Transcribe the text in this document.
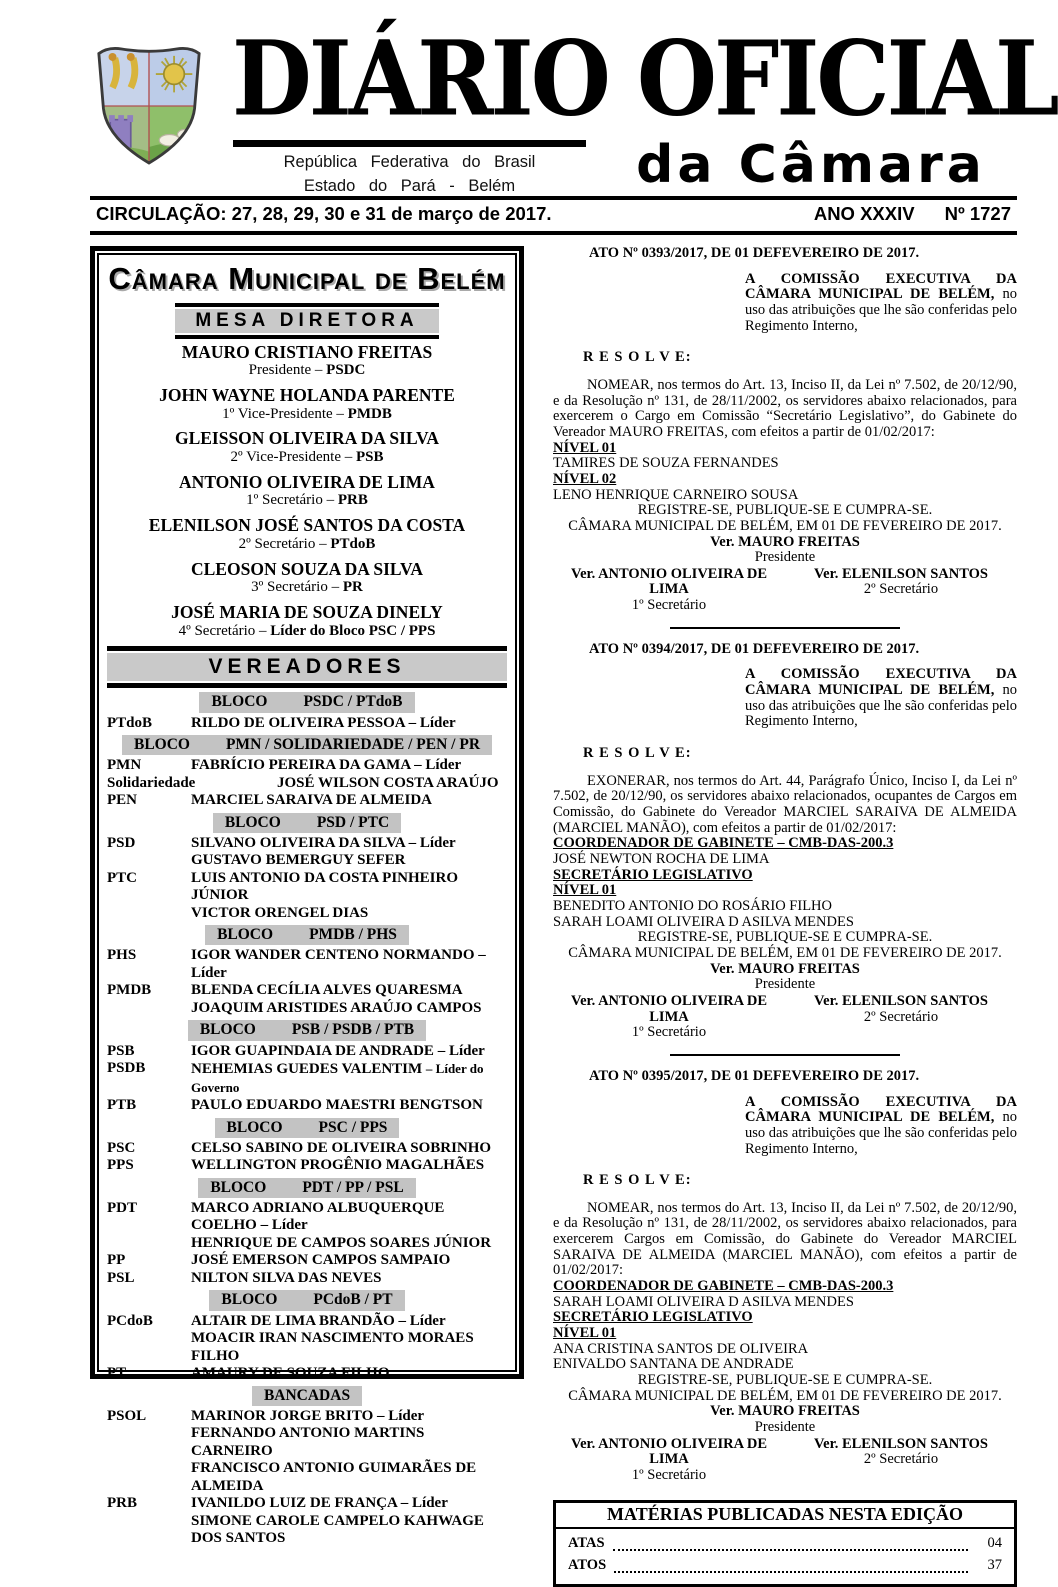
DIÁRIO OFICIAL
República Federativa do Brasil
Estado do Pará - Belém	da Câmara
CIRCULAÇÃO: 27, 28, 29, 30 e 31 de março de 2017.	ANO XXXIV Nº 1727
Câmara Municipal de Belém
MESA DIRETORA
MAURO CRISTIANO FREITAS
Presidente – PSDC
JOHN WAYNE HOLANDA PARENTE
1º Vice-Presidente – PMDB
GLEISSON OLIVEIRA DA SILVA
2º Vice-Presidente – PSB
ANTONIO OLIVEIRA DE LIMA
1º Secretário – PRB
ELENILSON JOSÉ SANTOS DA COSTA
2º Secretário – PTdoB
CLEOSON SOUZA DA SILVA
3º Secretário – PR
JOSÉ MARIA DE SOUZA DINELY
4º Secretário – Líder do Bloco PSC / PPS
VEREADORES
BLOCO PSDC / PTdoB
PTdoB	RILDO DE OLIVEIRA PESSOA – Líder
BLOCO PMN / SOLIDARIEDADE / PEN / PR
PMN	FABRÍCIO PEREIRA DA GAMA – Líder
Solidariedade	JOSÉ WILSON COSTA ARAÚJO
PEN	MARCIEL SARAIVA DE ALMEIDA
BLOCO PSD / PTC
PSD	SILVANO OLIVEIRA DA SILVA – Líder
GUSTAVO BEMERGUY SEFER
PTC	LUIS ANTONIO DA COSTA PINHEIRO JÚNIOR
VICTOR ORENGEL DIAS
BLOCO PMDB / PHS
PHS	IGOR WANDER CENTENO NORMANDO – Líder
PMDB	BLENDA CECÍLIA ALVES QUARESMA
JOAQUIM ARISTIDES ARAÚJO CAMPOS
BLOCO PSB / PSDB / PTB
PSB	IGOR GUAPINDAIA DE ANDRADE – Líder
PSDB	NEHEMIAS GUEDES VALENTIM – Líder do Governo
PTB	PAULO EDUARDO MAESTRI BENGTSON
BLOCO PSC / PPS
PSC	CELSO SABINO DE OLIVEIRA SOBRINHO
PPS	WELLINGTON PROGÊNIO MAGALHÃES
BLOCO PDT / PP / PSL
PDT	MARCO ADRIANO ALBUQUERQUE COELHO – Líder
HENRIQUE DE CAMPOS SOARES JÚNIOR
PP	JOSÉ EMERSON CAMPOS SAMPAIO
PSL	NILTON SILVA DAS NEVES
BLOCO PCdoB / PT
PCdoB	ALTAIR DE LIMA BRANDÃO – Líder
MOACIR IRAN NASCIMENTO MORAES FILHO
PT	AMAURY DE SOUZA FILHO
BANCADAS
PSOL	MARINOR JORGE BRITO – Líder
FERNANDO ANTONIO MARTINS CARNEIRO
FRANCISCO ANTONIO GUIMARÃES DE ALMEIDA
PRB	IVANILDO LUIZ DE FRANÇA – Líder
SIMONE CAROLE CAMPELO KAHWAGE DOS SANTOS
ATO Nº 0393/2017, DE 01 DEFEVEREIRO DE 2017.

A COMISSÃO EXECUTIVA DA CÂMARA MUNICIPAL DE BELÉM, no uso das atribuições que lhe são conferidas pelo Regimento Interno,

R E S O L V E:

NOMEAR, nos termos do Art. 13, Inciso II, da Lei nº 7.502, de 20/12/90, e da Resolução nº 131, de 28/11/2002, os servidores abaixo relacionados, para exercerem o Cargo em Comissão “Secretário Legislativo”, do Gabinete do Vereador MAURO FREITAS, com efeitos a partir de 01/02/2017:

NÍVEL 01
TAMIRES DE SOUZA FERNANDES
NÍVEL 02
LENO HENRIQUE CARNEIRO SOUSA
REGISTRE-SE, PUBLIQUE-SE E CUMPRA-SE.
CÂMARA MUNICIPAL DE BELÉM, EM 01 DE FEVEREIRO DE 2017.
Ver. MAURO FREITAS
Presidente
Ver. ANTONIO OLIVEIRA DE LIMA
1º Secretário
Ver. ELENILSON SANTOS
2º Secretário
ATO Nº 0394/2017, DE 01 DEFEVEREIRO DE 2017.

A COMISSÃO EXECUTIVA DA CÂMARA MUNICIPAL DE BELÉM, no uso das atribuições que lhe são conferidas pelo Regimento Interno,

R E S O L V E:

EXONERAR, nos termos do Art. 44, Parágrafo Único, Inciso I, da Lei nº 7.502, de 20/12/90, os servidores abaixo relacionados, ocupantes de Cargos em Comissão, do Gabinete do Vereador MARCIEL SARAIVA DE ALMEIDA (MARCIEL MANÃO), com efeitos a partir de 01/02/2017:

COORDENADOR DE GABINETE – CMB-DAS-200.3
JOSÉ NEWTON ROCHA DE LIMA
SECRETÁRIO LEGISLATIVO
NÍVEL 01
BENEDITO ANTONIO DO ROSÁRIO FILHO
SARAH LOAMI OLIVEIRA D ASILVA MENDES
REGISTRE-SE, PUBLIQUE-SE E CUMPRA-SE.
CÂMARA MUNICIPAL DE BELÉM, EM 01 DE FEVEREIRO DE 2017.
Ver. MAURO FREITAS
Presidente
Ver. ANTONIO OLIVEIRA DE LIMA
1º Secretário
Ver. ELENILSON SANTOS
2º Secretário
ATO Nº 0395/2017, DE 01 DEFEVEREIRO DE 2017.

A COMISSÃO EXECUTIVA DA CÂMARA MUNICIPAL DE BELÉM, no uso das atribuições que lhe são conferidas pelo Regimento Interno,

R E S O L V E:

NOMEAR, nos termos do Art. 13, Inciso II, da Lei nº 7.502, de 20/12/90, e da Resolução nº 131, de 28/11/2002, os servidores abaixo relacionados, para exercerem Cargos em Comissão, do Gabinete do Vereador MARCIEL SARAIVA DE ALMEIDA (MARCIEL MANÃO), com efeitos a partir de 01/02/2017:

COORDENADOR DE GABINETE – CMB-DAS-200.3
SARAH LOAMI OLIVEIRA D ASILVA MENDES
SECRETÁRIO LEGISLATIVO
NÍVEL 01
ANA CRISTINA SANTOS DE OLIVEIRA
ENIVALDO SANTANA DE ANDRADE
REGISTRE-SE, PUBLIQUE-SE E CUMPRA-SE.
CÂMARA MUNICIPAL DE BELÉM, EM 01 DE FEVEREIRO DE 2017.
Ver. MAURO FREITAS
Presidente
Ver. ANTONIO OLIVEIRA DE LIMA
1º Secretário
Ver. ELENILSON SANTOS
2º Secretário
MATÉRIAS PUBLICADAS NESTA EDIÇÃO
ATAS	04
ATOS	37
